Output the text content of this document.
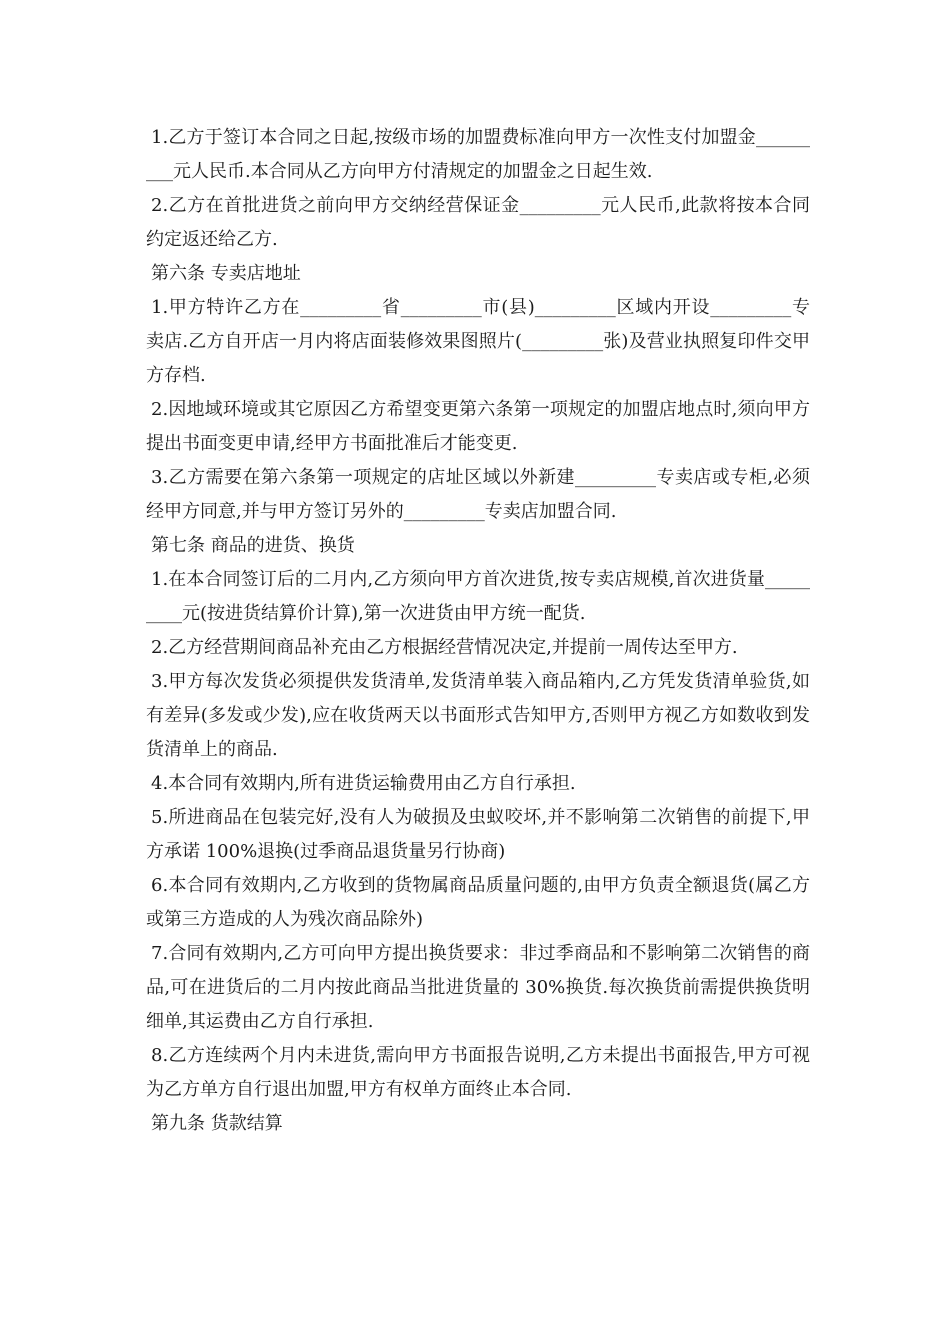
1.乙方于签订本合同之日起,按级市场的加盟费标准向甲方一次性支付加盟金_________元人民币.本合同从乙方向甲方付清规定的加盟金之日起生效.

2.乙方在首批进货之前向甲方交纳经营保证金_________元人民币,此款将按本合同约定返还给乙方.

第六条 专卖店地址

1.甲方特许乙方在_________省_________市(县)_________区域内开设_________专卖店.乙方自开店一月内将店面装修效果图照片(_________张)及营业执照复印件交甲方存档.

2.因地域环境或其它原因乙方希望变更第六条第一项规定的加盟店地点时,须向甲方提出书面变更申请,经甲方书面批准后才能变更.

3.乙方需要在第六条第一项规定的店址区域以外新建_________专卖店或专柜,必须经甲方同意,并与甲方签订另外的_________专卖店加盟合同.

第七条 商品的进货、换货

1.在本合同签订后的二月内,乙方须向甲方首次进货,按专卖店规模,首次进货量_________元(按进货结算价计算),第一次进货由甲方统一配货.

2.乙方经营期间商品补充由乙方根据经营情况决定,并提前一周传达至甲方.

3.甲方每次发货必须提供发货清单,发货清单装入商品箱内,乙方凭发货清单验货,如有差异(多发或少发),应在收货两天以书面形式告知甲方,否则甲方视乙方如数收到发货清单上的商品.

4.本合同有效期内,所有进货运输费用由乙方自行承担.

5.所进商品在包装完好,没有人为破损及虫蚁咬坏,并不影响第二次销售的前提下,甲方承诺 100%退换(过季商品退货量另行协商)

6.本合同有效期内,乙方收到的货物属商品质量问题的,由甲方负责全额退货(属乙方或第三方造成的人为残次商品除外)

7.合同有效期内,乙方可向甲方提出换货要求：非过季商品和不影响第二次销售的商品,可在进货后的二月内按此商品当批进货量的 30%换货.每次换货前需提供换货明细单,其运费由乙方自行承担.

8.乙方连续两个月内未进货,需向甲方书面报告说明,乙方未提出书面报告,甲方可视为乙方单方自行退出加盟,甲方有权单方面终止本合同.

第九条 货款结算
